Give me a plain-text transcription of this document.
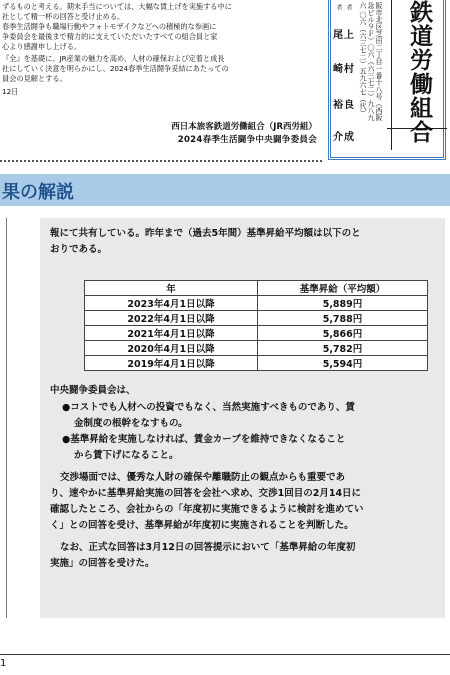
ずるものと考える。期末手当については、大幅な賃上げを実施する中に
社として精一杯の回答と受け止める。
春季生活闘争も職場行動やフォトモザイクなどへの積極的な参画に
争委員会を最後まで精力的に支えていただいたすべての組合員と家
心より感謝申し上げる。
『全』を基礎に、JR産業の魅力を高め、人材の確保および定着と成長
社にしていく決意を明らかにし、2024春季生活闘争妥結にあたっての
員会の見解とする。
12日
西日本旅客鉄道労働組合（JR西労組）
2024春季生活闘争中央闘争委員会
者 者
尾上
崎村
裕良
介成
阪市北区芝田二丁目一番十八号（西阪急ビル９Ｆ）〇六（六三七二）九八九六 〇六（六三七二）五九六七（代）	鉄道労働組合
果の解説
報にて共有している。昨年まで（過去5年間）基準昇給平均額は以下のと
おりである。
年	基準昇給（平均額）
2023年4月1日以降	5,889円
2022年4月1日以降	5,788円
2021年4月1日以降	5,866円
2020年4月1日以降	5,782円
2019年4月1日以降	5,594円
中央闘争委員会は、
●コストでも人材への投資でもなく、当然実施すべきものであり、賃
金制度の根幹をなすもの。
●基準昇給を実施しなければ、賃金カーブを維持できなくなること
から賃下げになること。
交渉場面では、優秀な人財の確保や離職防止の観点からも重要であ
り、速やかに基準昇給実施の回答を会社へ求め、交渉1回目の2月14日に
確認したところ、会社からの「年度初に実施できるように検討を進めてい
く」との回答を受け、基準昇給が年度初に実施されることを判断した。
なお、正式な回答は3月12日の回答提示において「基準昇給の年度初
実施」の回答を受けた。
1
